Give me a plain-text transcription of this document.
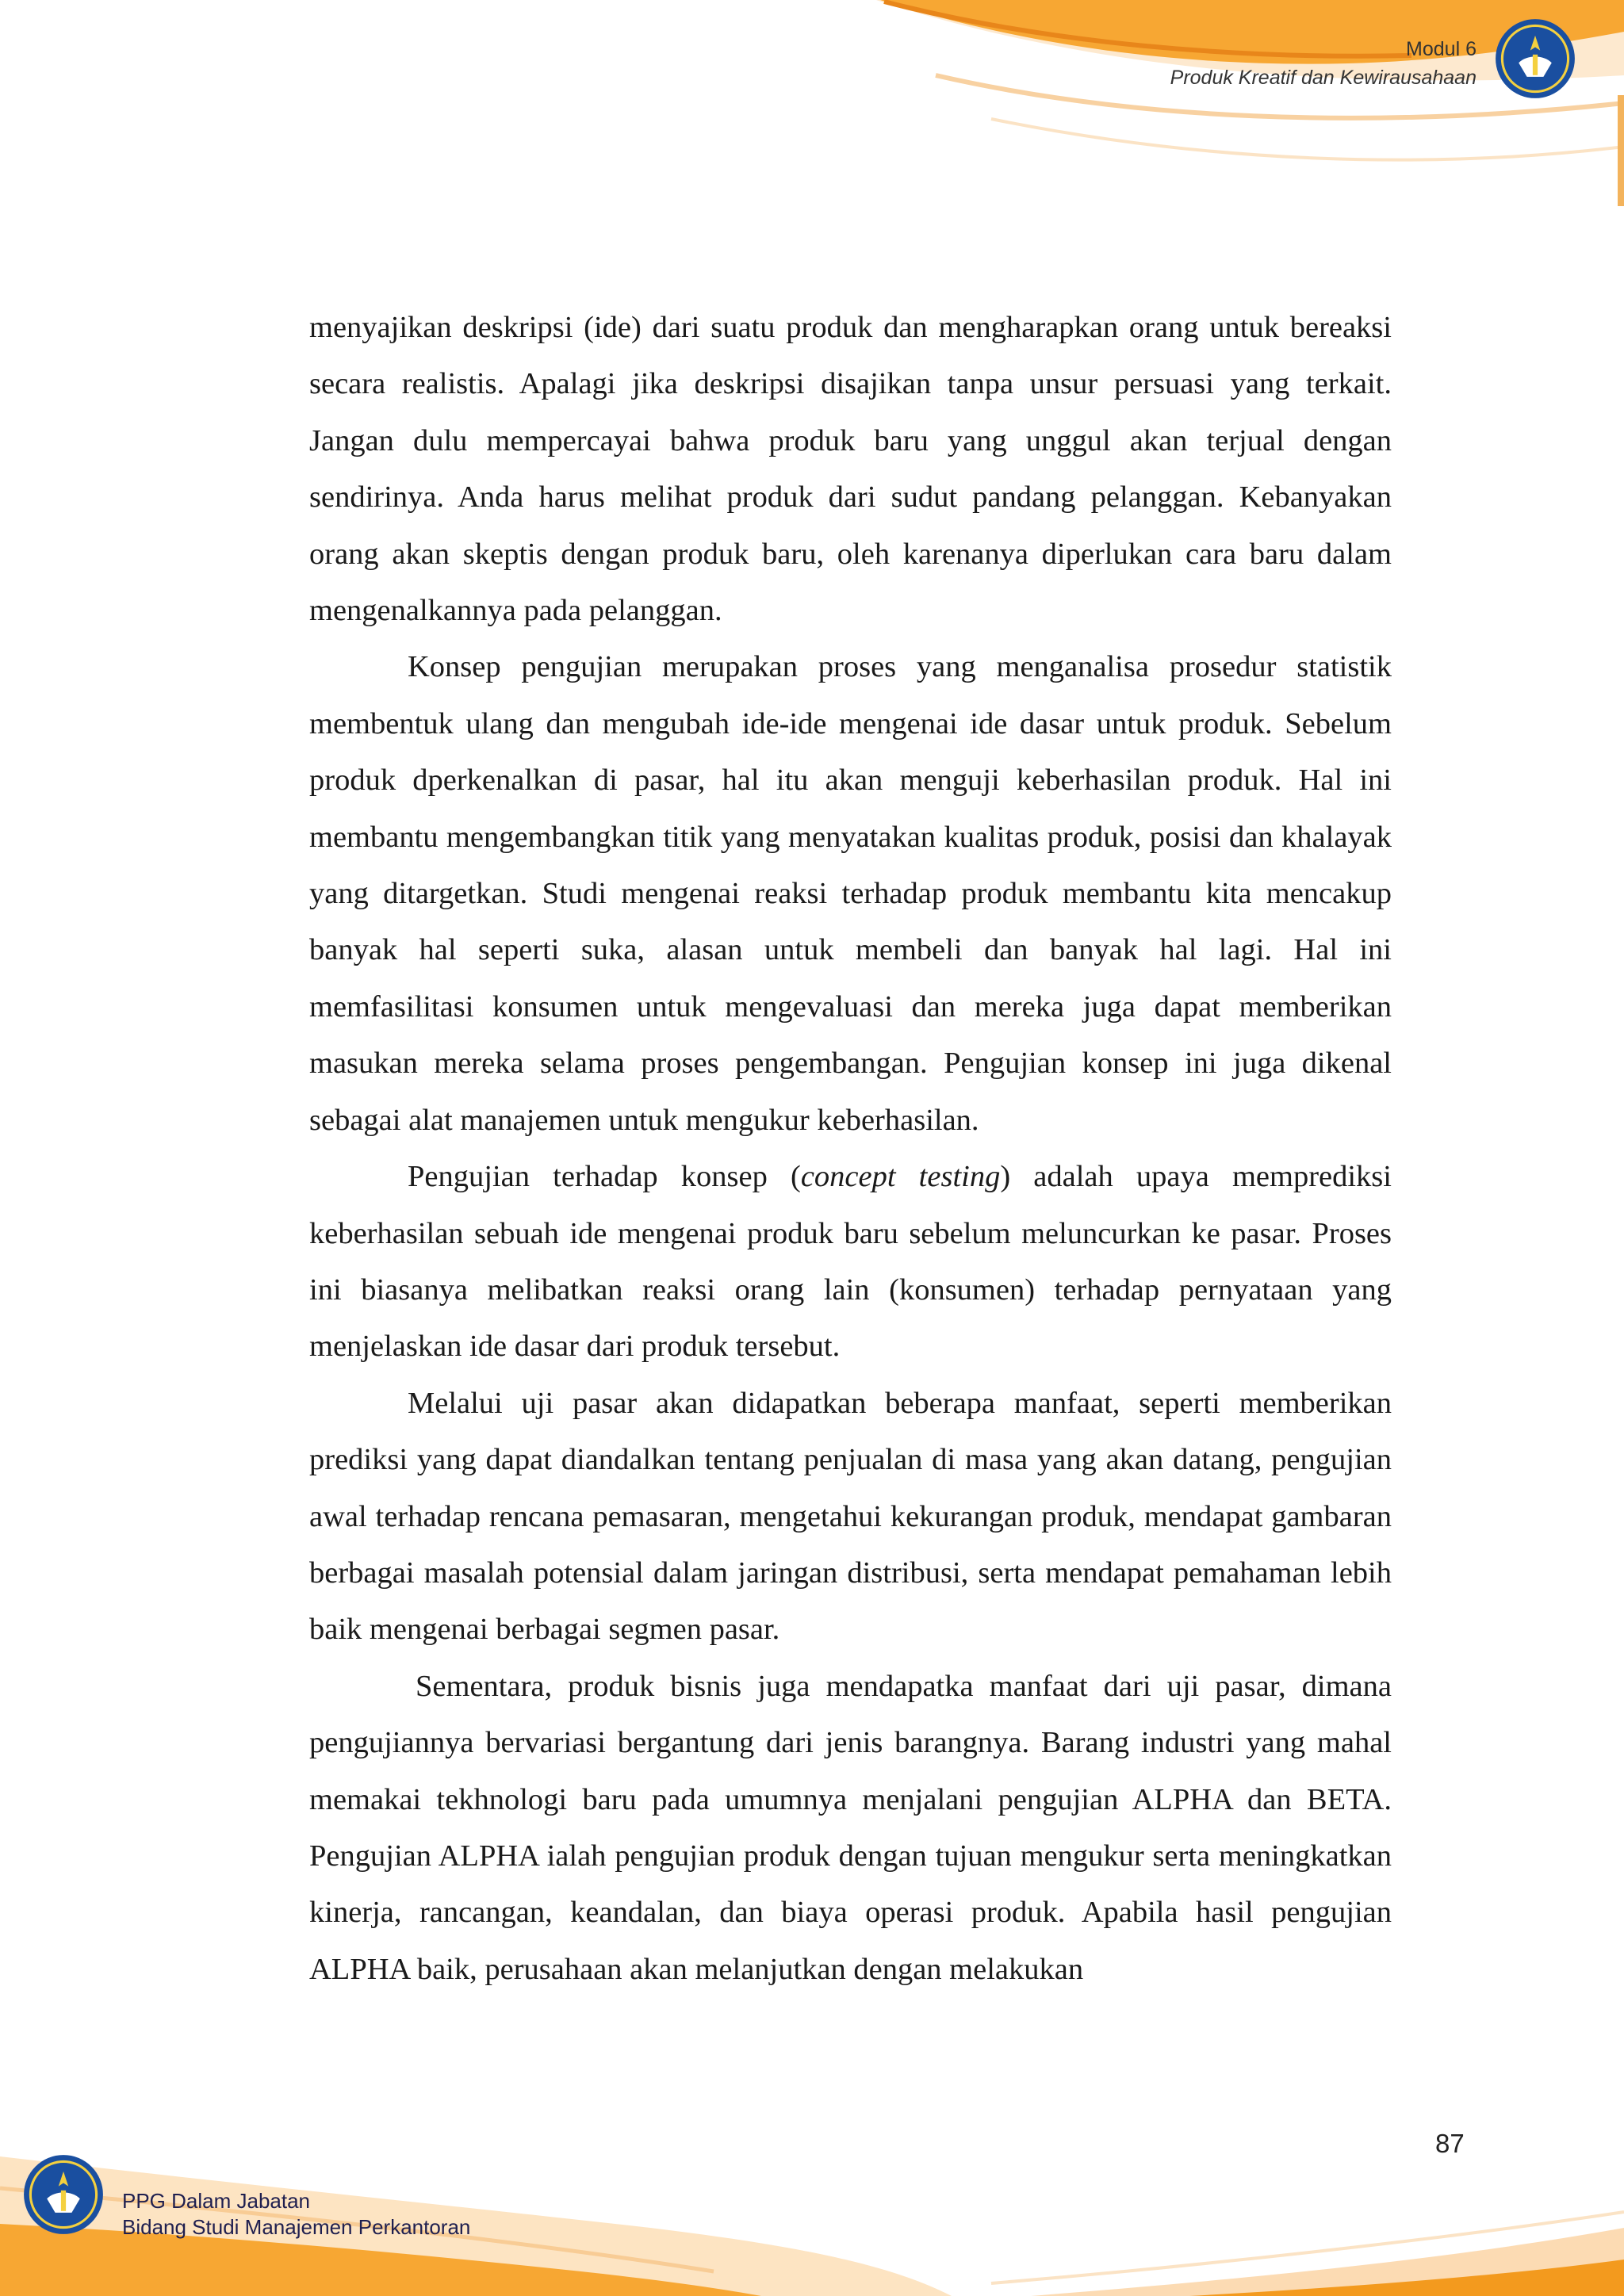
Modul 6
Produk Kreatif dan Kewirausahaan

menyajikan deskripsi (ide) dari suatu produk dan mengharapkan orang untuk bereaksi secara realistis. Apalagi jika deskripsi disajikan tanpa unsur persuasi yang terkait. Jangan dulu mempercayai bahwa produk baru yang unggul akan terjual dengan sendirinya. Anda harus melihat produk dari sudut pandang pelanggan. Kebanyakan orang akan skeptis dengan produk baru, oleh karenanya diperlukan cara baru dalam mengenalkannya pada pelanggan.

Konsep pengujian merupakan proses yang menganalisa prosedur statistik membentuk ulang dan mengubah ide-ide mengenai ide dasar untuk produk. Sebelum produk dperkenalkan di pasar, hal itu akan menguji keberhasilan produk. Hal ini membantu mengembangkan titik yang menyatakan kualitas produk, posisi dan khalayak yang ditargetkan. Studi mengenai reaksi terhadap produk membantu kita mencakup banyak hal seperti suka, alasan untuk membeli dan banyak hal lagi. Hal ini memfasilitasi konsumen untuk mengevaluasi dan mereka juga dapat memberikan masukan mereka selama proses pengembangan. Pengujian konsep ini juga dikenal sebagai alat manajemen untuk mengukur keberhasilan.

Pengujian terhadap konsep (concept testing) adalah upaya memprediksi keberhasilan sebuah ide mengenai produk baru sebelum meluncurkan ke pasar. Proses ini biasanya melibatkan reaksi orang lain (konsumen) terhadap pernyataan yang menjelaskan ide dasar dari produk tersebut.

Melalui uji pasar akan didapatkan beberapa manfaat, seperti memberikan prediksi yang dapat diandalkan tentang penjualan di masa yang akan datang, pengujian awal terhadap rencana pemasaran, mengetahui kekurangan produk, mendapat gambaran berbagai masalah potensial dalam jaringan distribusi, serta mendapat pemahaman lebih baik mengenai berbagai segmen pasar.

Sementara, produk bisnis juga mendapatka manfaat dari uji pasar, dimana pengujiannya bervariasi bergantung dari jenis barangnya. Barang industri yang mahal memakai tekhnologi baru pada umumnya menjalani pengujian ALPHA dan BETA. Pengujian ALPHA ialah pengujian produk dengan tujuan mengukur serta meningkatkan kinerja, rancangan, keandalan, dan biaya operasi produk. Apabila hasil pengujian ALPHA baik, perusahaan akan melanjutkan dengan melakukan

87
PPG Dalam Jabatan
Bidang Studi Manajemen Perkantoran
